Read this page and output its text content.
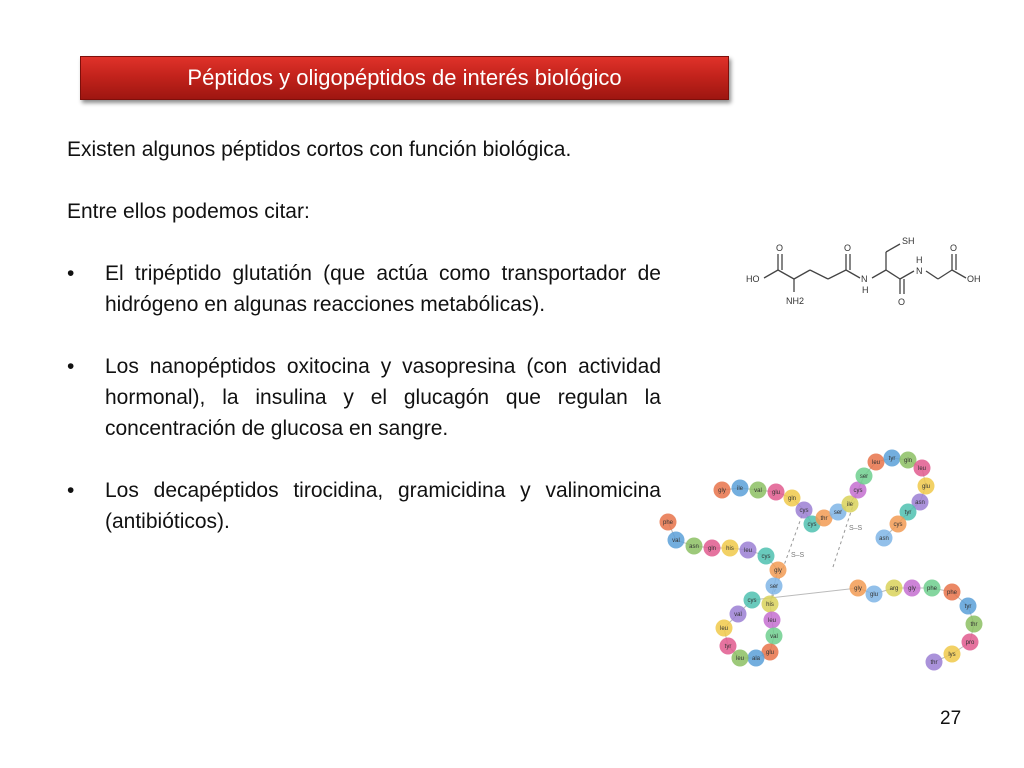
Péptidos y oligopéptidos de interés biológico

Existen algunos péptidos cortos con función biológica.

Entre ellos podemos citar:

• El tripéptido glutatión (que actúa como transportador de hidrógeno en algunas reacciones metabólicas).
• Los nanopéptidos oxitocina y vasopresina (con actividad hormonal), la insulina y el glucagón que regulan la concentración de glucosa en sangre.
• Los decapéptidos tirocidina, gramicidina y valinomicina (antibióticos).
HO
O
NH2
O
N
H
SH
H
N
O
O
OH
S–S
S–S
phe
val
asn gln his leu
cys
gly
ser
his
leu
val
glu
ala
leu
tyr
leu
val
cys
gly
glu
arg gly phe
phe
tyr
thr
pro
lys
thr
gly ile val glu
gln
cys
cys
thr
ser
ile
cys
ser
leu
tyr gln
leu
glu
asn
tyr
cys
asn
27
